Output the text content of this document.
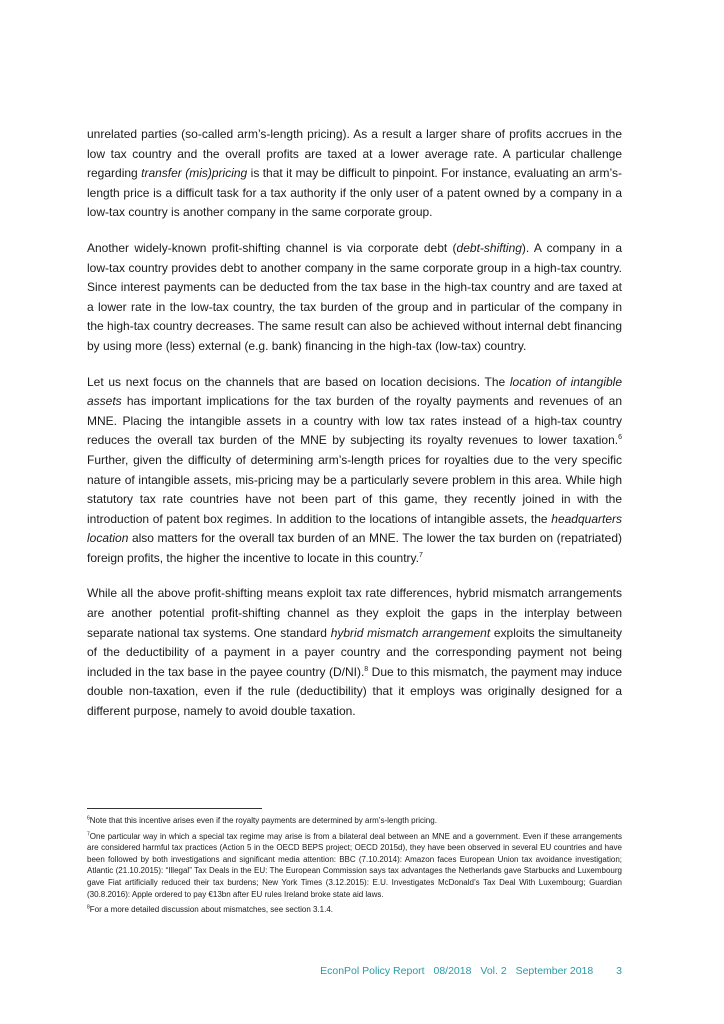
unrelated parties (so-called arm’s-length pricing). As a result a larger share of profits accrues in the low tax country and the overall profits are taxed at a lower average rate. A particular challenge regarding transfer (mis)pricing is that it may be difficult to pinpoint. For instance, evaluating an arm’s-length price is a difficult task for a tax authority if the only user of a patent owned by a company in a low-tax country is another company in the same corporate group.

Another widely-known profit-shifting channel is via corporate debt (debt-shifting). A company in a low-tax country provides debt to another company in the same corporate group in a high-tax country. Since interest payments can be deducted from the tax base in the high-tax country and are taxed at a lower rate in the low-tax country, the tax burden of the group and in particular of the company in the high-tax country decreases. The same result can also be achieved without internal debt financing by using more (less) external (e.g. bank) financing in the high-tax (low-tax) country.

Let us next focus on the channels that are based on location decisions. The location of intangible assets has important implications for the tax burden of the royalty payments and revenues of an MNE. Placing the intangible assets in a country with low tax rates instead of a high-tax country reduces the overall tax burden of the MNE by subjecting its royalty revenues to lower taxation.$^6$ Further, given the difficulty of determining arm’s-length prices for royalties due to the very specific nature of intangible assets, mis-pricing may be a particularly severe problem in this area. While high statutory tax rate countries have not been part of this game, they recently joined in with the introduction of patent box regimes. In addition to the locations of intangible assets, the headquarters location also matters for the overall tax burden of an MNE. The lower the tax burden on (repatriated) foreign profits, the higher the incentive to locate in this country.$^7$

While all the above profit-shifting means exploit tax rate differences, hybrid mismatch arrangements are another potential profit-shifting channel as they exploit the gaps in the interplay between separate national tax systems. One standard hybrid mismatch arrangement exploits the simultaneity of the deductibility of a payment in a payer country and the corresponding payment not being included in the tax base in the payee country (D/NI).$^8$ Due to this mismatch, the payment may induce double non-taxation, even if the rule (deductibility) that it employs was originally designed for a different purpose, namely to avoid double taxation.

$^6$Note that this incentive arises even if the royalty payments are determined by arm’s-length pricing.

$^7$One particular way in which a special tax regime may arise is from a bilateral deal between an MNE and a government. Even if these arrangements are considered harmful tax practices (Action 5 in the OECD BEPS project; OECD 2015d), they have been observed in several EU countries and have been followed by both investigations and significant media attention: BBC (7.10.2014): Amazon faces European Union tax avoidance investigation; Atlantic (21.10.2015): “Illegal” Tax Deals in the EU: The European Commission says tax advantages the Netherlands gave Starbucks and Luxembourg gave Fiat artificially reduced their tax burdens; New York Times (3.12.2015): E.U. Investigates McDonald’s Tax Deal With Luxembourg; Guardian (30.8.2016): Apple ordered to pay €13bn after EU rules Ireland broke state aid laws.

$^8$For a more detailed discussion about mismatches, see section 3.1.4.

EconPol Policy Report 08/2018 Vol. 2 September 2018 3
